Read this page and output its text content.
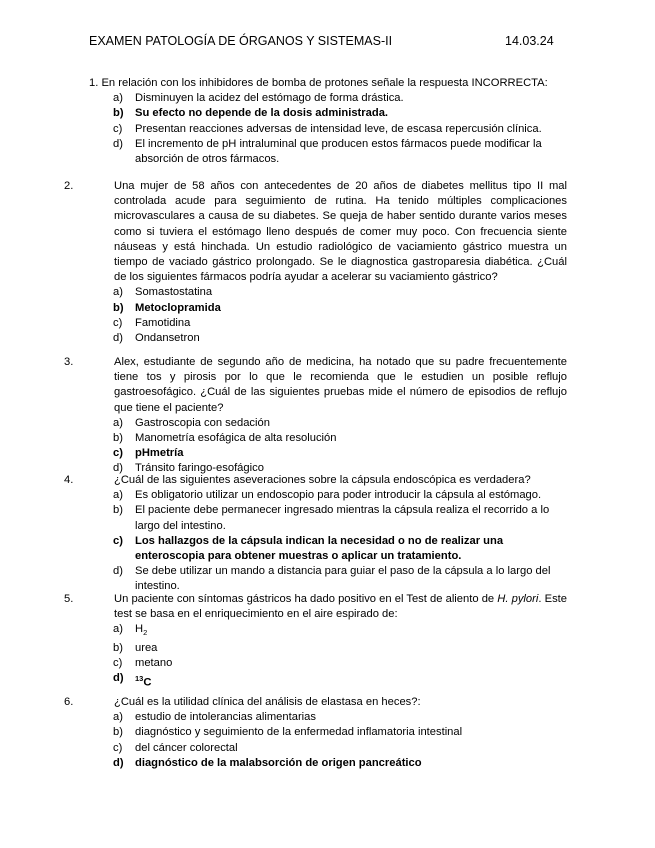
EXAMEN PATOLOGÍA DE ÓRGANOS Y SISTEMAS-II	14.03.24
1. En relación con los inhibidores de bomba de protones señale la respuesta INCORRECTA:
a)	Disminuyen la acidez del estómago de forma drástica.
b)	Su efecto no depende de la dosis administrada.
c)	Presentan reacciones adversas de intensidad leve, de escasa repercusión clínica.
d)	El incremento de pH intraluminal que producen estos fármacos puede modificar la absorción de otros fármacos.
2.	Una mujer de 58 años con antecedentes de 20 años de diabetes mellitus tipo II mal controlada acude para seguimiento de rutina. Ha tenido múltiples complicaciones microvasculares a causa de su diabetes. Se queja de haber sentido durante varios meses como si tuviera el estómago lleno después de comer muy poco. Con frecuencia siente náuseas y está hinchada. Un estudio radiológico de vaciamiento gástrico muestra un tiempo de vaciado gástrico prolongado. Se le diagnostica gastroparesia diabética. ¿Cuál de los siguientes fármacos podría ayudar a acelerar su vaciamiento gástrico?
a)	Somastostatina
b)	Metoclopramida
c)	Famotidina
d)	Ondansetron
3.	Alex, estudiante de segundo año de medicina, ha notado que su padre frecuentemente tiene tos y pirosis por lo que le recomienda que le estudien un posible reflujo gastroesofágico. ¿Cuál de las siguientes pruebas mide el número de episodios de reflujo que tiene el paciente?
a)	Gastroscopia con sedación
b)	Manometría esofágica de alta resolución
c)	pHmetría
d)	Tránsito faringo-esofágico
4.	¿Cuál de las siguientes aseveraciones sobre la cápsula endoscópica es verdadera?
a)	Es obligatorio utilizar un endoscopio para poder introducir la cápsula al estómago.
b)	El paciente debe permanecer ingresado mientras la cápsula realiza el recorrido a lo largo del intestino.
c)	Los hallazgos de la cápsula indican la necesidad o no de realizar una enteroscopia para obtener muestras o aplicar un tratamiento.
d)	Se debe utilizar un mando a distancia para guiar el paso de la cápsula a lo largo del intestino.
5.	Un paciente con síntomas gástricos ha dado positivo en el Test de aliento de H. pylori. Este test se basa en el enriquecimiento en el aire espirado de:
a)	$H_2$
b)	urea
c)	metano
d)	$^{13}$C
6.	¿Cuál es la utilidad clínica del análisis de elastasa en heces?:
a)	estudio de intolerancias alimentarias
b)	diagnóstico y seguimiento de la enfermedad inflamatoria intestinal
c)	del cáncer colorectal
d)	diagnóstico de la malabsorción de origen pancreático
